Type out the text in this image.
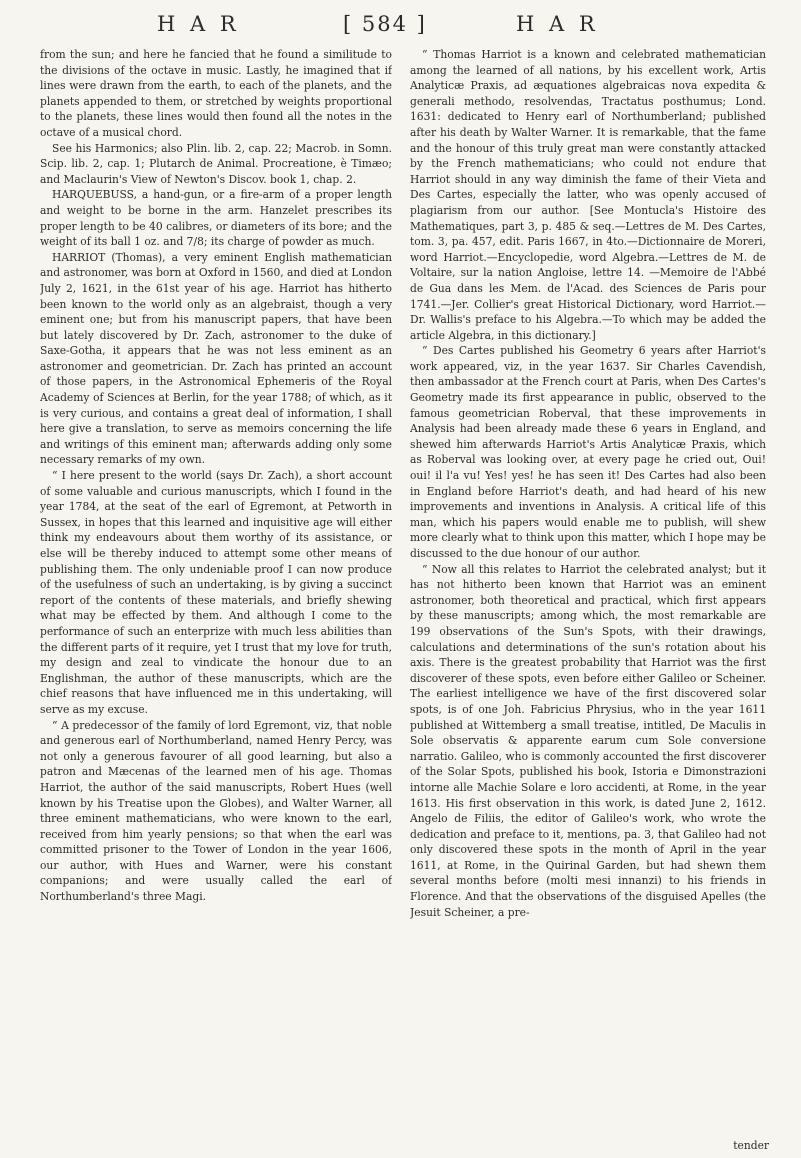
H A R	[ 584 ]	H A R

from the sun; and here he fancied that he found a similitude to the divisions of the octave in music. Lastly, he imagined that if lines were drawn from the earth, to each of the planets, and the planets appended to them, or stretched by weights proportional to the planets, these lines would then found all the notes in the octave of a musical chord.

See his Harmonics; also Plin. lib. 2, cap. 22; Macrob. in Somn. Scip. lib. 2, cap. 1; Plutarch de Animal. Procreatione, è Timæo; and Maclaurin's View of Newton's Discov. book 1, chap. 2.

HARQUEBUSS, a hand-gun, or a fire-arm of a proper length and weight to be borne in the arm. Hanzelet prescribes its proper length to be 40 calibres, or diameters of its bore; and the weight of its ball 1 oz. and 7/8; its charge of powder as much.

HARRIOT (Thomas), a very eminent English mathematician and astronomer, was born at Oxford in 1560, and died at London July 2, 1621, in the 61st year of his age. Harriot has hitherto been known to the world only as an algebraist, though a very eminent one; but from his manuscript papers, that have been but lately discovered by Dr. Zach, astronomer to the duke of Saxe-Gotha, it appears that he was not less eminent as an astronomer and geometrician. Dr. Zach has printed an account of those papers, in the Astronomical Ephemeris of the Royal Academy of Sciences at Berlin, for the year 1788; of which, as it is very curious, and contains a great deal of information, I shall here give a translation, to serve as memoirs concerning the life and writings of this eminent man; afterwards adding only some necessary remarks of my own.

“ I here present to the world (says Dr. Zach), a short account of some valuable and curious manuscripts, which I found in the year 1784, at the seat of the earl of Egremont, at Petworth in Sussex, in hopes that this learned and inquisitive age will either think my endeavours about them worthy of its assistance, or else will be thereby induced to attempt some other means of publishing them. The only undeniable proof I can now produce of the usefulness of such an undertaking, is by giving a succinct report of the contents of these materials, and briefly shewing what may be effected by them. And although I come to the performance of such an enterprize with much less abilities than the different parts of it require, yet I trust that my love for truth, my design and zeal to vindicate the honour due to an Englishman, the author of these manuscripts, which are the chief reasons that have influenced me in this undertaking, will serve as my excuse.

“ A predecessor of the family of lord Egremont, viz, that noble and generous earl of Northumberland, named Henry Percy, was not only a generous favourer of all good learning, but also a patron and Mæcenas of the learned men of his age. Thomas Harriot, the author of the said manuscripts, Robert Hues (well known by his Treatise upon the Globes), and Walter Warner, all three eminent mathematicians, who were known to the earl, received from him yearly pensions; so that when the earl was committed prisoner to the Tower of London in the year 1606, our author, with Hues and Warner, were his constant companions; and were usually called the earl of Northumberland's three Magi.

“ Thomas Harriot is a known and celebrated mathematician among the learned of all nations, by his excellent work, Artis Analyticæ Praxis, ad æquationes algebraicas nova expedita & generali methodo, resolvendas, Tractatus posthumus; Lond. 1631: dedicated to Henry earl of Northumberland; published after his death by Walter Warner. It is remarkable, that the fame and the honour of this truly great man were constantly attacked by the French mathematicians; who could not endure that Harriot should in any way diminish the fame of their Vieta and Des Cartes, especially the latter, who was openly accused of plagiarism from our author. [See Montucla's Histoire des Mathematiques, part 3, p. 485 & seq.—Lettres de M. Des Cartes, tom. 3, pa. 457, edit. Paris 1667, in 4to.—Dictionnaire de Moreri, word Harriot.—Encyclopedie, word Algebra.—Lettres de M. de Voltaire, sur la nation Angloise, lettre 14. —Memoire de l'Abbé de Gua dans les Mem. de l'Acad. des Sciences de Paris pour 1741.—Jer. Collier's great Historical Dictionary, word Harriot.—Dr. Wallis's preface to his Algebra.—To which may be added the article Algebra, in this dictionary.]

“ Des Cartes published his Geometry 6 years after Harriot's work appeared, viz, in the year 1637. Sir Charles Cavendish, then ambassador at the French court at Paris, when Des Cartes's Geometry made its first appearance in public, observed to the famous geometrician Roberval, that these improvements in Analysis had been already made these 6 years in England, and shewed him afterwards Harriot's Artis Analyticæ Praxis, which as Roberval was looking over, at every page he cried out, Oui! oui! il l'a vu! Yes! yes! he has seen it! Des Cartes had also been in England before Harriot's death, and had heard of his new improvements and inventions in Analysis. A critical life of this man, which his papers would enable me to publish, will shew more clearly what to think upon this matter, which I hope may be discussed to the due honour of our author.

“ Now all this relates to Harriot the celebrated analyst; but it has not hitherto been known that Harriot was an eminent astronomer, both theoretical and practical, which first appears by these manuscripts; among which, the most remarkable are 199 observations of the Sun's Spots, with their drawings, calculations and determinations of the sun's rotation about his axis. There is the greatest probability that Harriot was the first discoverer of these spots, even before either Galileo or Scheiner. The earliest intelligence we have of the first discovered solar spots, is of one Joh. Fabricius Phrysius, who in the year 1611 published at Wittemberg a small treatise, intitled, De Maculis in Sole observatis & apparente earum cum Sole conversione narratio. Galileo, who is commonly accounted the first discoverer of the Solar Spots, published his book, Istoria e Dimonstrazioni intorne alle Machie Solare e loro accidenti, at Rome, in the year 1613. His first observation in this work, is dated June 2, 1612. Angelo de Filiis, the editor of Galileo's work, who wrote the dedication and preface to it, mentions, pa. 3, that Galileo had not only discovered these spots in the month of April in the year 1611, at Rome, in the Quirinal Garden, but had shewn them several months before (molti mesi innanzi) to his friends in Florence. And that the observations of the disguised Apelles (the Jesuit Scheiner, a pre-

tender
